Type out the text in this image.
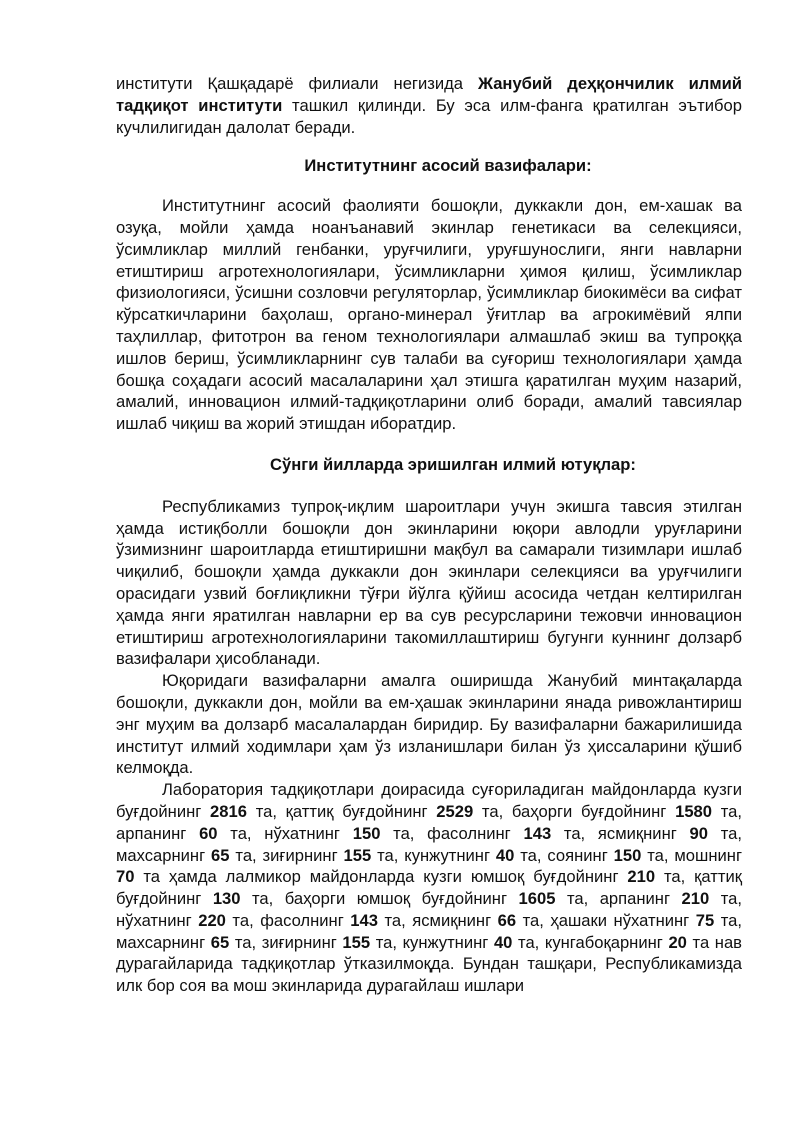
институти Қашқадарё филиали негизида Жанубий деҳқончилик илмий тадқиқот институти ташкил қилинди. Бу эса илм-фанга қратилган эътибор кучлилигидан далолат беради.

Институтнинг асосий вазифалари:

Институтнинг асосий фаолияти бошоқли, дуккакли дон, ем-хашак ва озуқа, мойли ҳамда ноанъанавий экинлар генетикаси ва селекцияси, ўсимликлар миллий генбанки, уруғчилиги, уруғшунослиги, янги навларни етиштириш агротехнологиялари, ўсимликларни ҳимоя қилиш, ўсимликлар физиологияси, ўсишни созловчи регуляторлар, ўсимликлар биокимёси ва сифат кўрсаткичларини баҳолаш, органо-минерал ўғитлар ва агрокимёвий ялпи таҳлиллар, фитотрон ва геном технологиялари алмашлаб экиш ва тупроққа ишлов бериш, ўсимликларнинг сув талаби ва суғориш технологиялари ҳамда бошқа соҳадаги асосий масалаларини ҳал этишга қаратилган муҳим назарий, амалий, инновацион илмий-тадқиқотларини олиб боради, амалий тавсиялар ишлаб чиқиш ва жорий этишдан иборатдир.

Сўнги йилларда эришилган илмий ютуқлар:

Республикамиз тупроқ-иқлим шароитлари учун экишга тавсия этилган ҳамда истиқболли бошоқли дон экинларини юқори авлодли уруғларини ўзимизнинг шароитларда етиштиришни мақбул ва самарали тизимлари ишлаб чиқилиб, бошоқли ҳамда дуккакли дон экинлари селекцияси ва уруғчилиги орасидаги узвий боғлиқликни тўғри йўлга қўйиш асосида четдан келтирилган ҳамда янги яратилган навларни ер ва сув ресурсларини тежовчи инновацион етиштириш агротехнологияларини такомиллаштириш бугунги куннинг долзарб вазифалари ҳисобланади.

Юқоридаги вазифаларни амалга оширишда Жанубий минтақаларда бошоқли, дуккакли дон, мойли ва ем-ҳашак экинларини янада ривожлантириш энг муҳим ва долзарб масалалардан биридир. Бу вазифаларни бажарилишида институт илмий ходимлари ҳам ўз изланишлари билан ўз ҳиссаларини қўшиб келмоқда.

Лаборатория тадқиқотлари доирасида суғориладиган майдонларда кузги буғдойнинг 2816 та, қаттиқ буғдойнинг 2529 та, баҳорги буғдойнинг 1580 та, арпанинг 60 та, нўхатнинг 150 та, фасолнинг 143 та, ясмиқнинг 90 та, махсарнинг 65 та, зиғирнинг 155 та, кунжутнинг 40 та, соянинг 150 та, мошнинг 70 та ҳамда лалмикор майдонларда кузги юмшоқ буғдойнинг 210 та, қаттиқ буғдойнинг 130 та, баҳорги юмшоқ буғдойнинг 1605 та, арпанинг 210 та, нўхатнинг 220 та, фасолнинг 143 та, ясмиқнинг 66 та, ҳашаки нўхатнинг 75 та, махсарнинг 65 та, зиғирнинг 155 та, кунжутнинг 40 та, кунгабоқарнинг 20 та нав дурагайларида тадқиқотлар ўтказилмоқда. Бундан ташқари, Республикамизда илк бор соя ва мош экинларида дурагайлаш ишлари
